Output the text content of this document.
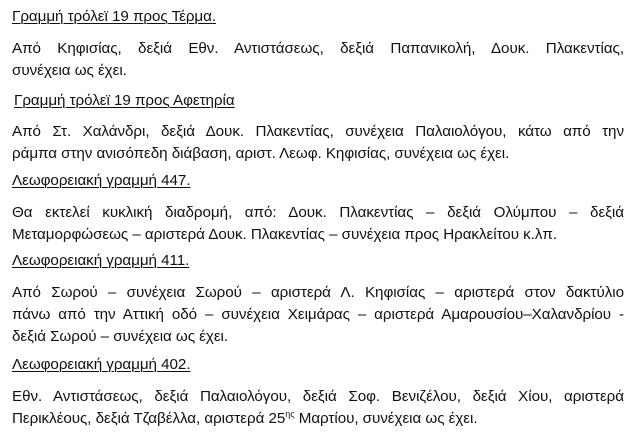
Γραμμή τρόλεϊ 19 προς Τέρμα.
Από Κηφισίας, δεξιά Εθν. Αντιστάσεως, δεξιά Παπανικολή, Δουκ. Πλακεντίας,
συνέχεια ως έχει.
Γραμμή τρόλεϊ 19 προς Αφετηρία
Από Στ. Χαλάνδρι, δεξιά Δουκ. Πλακεντίας, συνέχεια Παλαιολόγου, κάτω από την
ράμπα στην ανισόπεδη διάβαση, αριστ. Λεωφ. Κηφισίας, συνέχεια ως έχει.
Λεωφορειακή γραμμή 447.
Θα εκτελεί κυκλική διαδρομή, από: Δουκ. Πλακεντίας – δεξιά Ολύμπου – δεξιά
Μεταμορφώσεως – αριστερά Δουκ. Πλακεντίας – συνέχεια προς Ηρακλείτου κ.λπ.
Λεωφορειακή γραμμή 411.
Από Σωρού – συνέχεια Σωρού – αριστερά Λ. Κηφισίας – αριστερά στον δακτύλιο
πάνω από την Αττική οδό – συνέχεια Χειμάρας – αριστερά Αμαρουσίου–Χαλανδρίου -
δεξιά Σωρού – συνέχεια ως έχει.
Λεωφορειακή γραμμή 402.
Εθν. Αντιστάσεως, δεξιά Παλαιολόγου, δεξιά Σοφ. Βενιζέλου, δεξιά Χίου, αριστερά
Περικλέους, δεξιά Τζαβέλλα, αριστερά $25^{\eta\varsigma}$ Μαρτίου, συνέχεια ως έχει.
